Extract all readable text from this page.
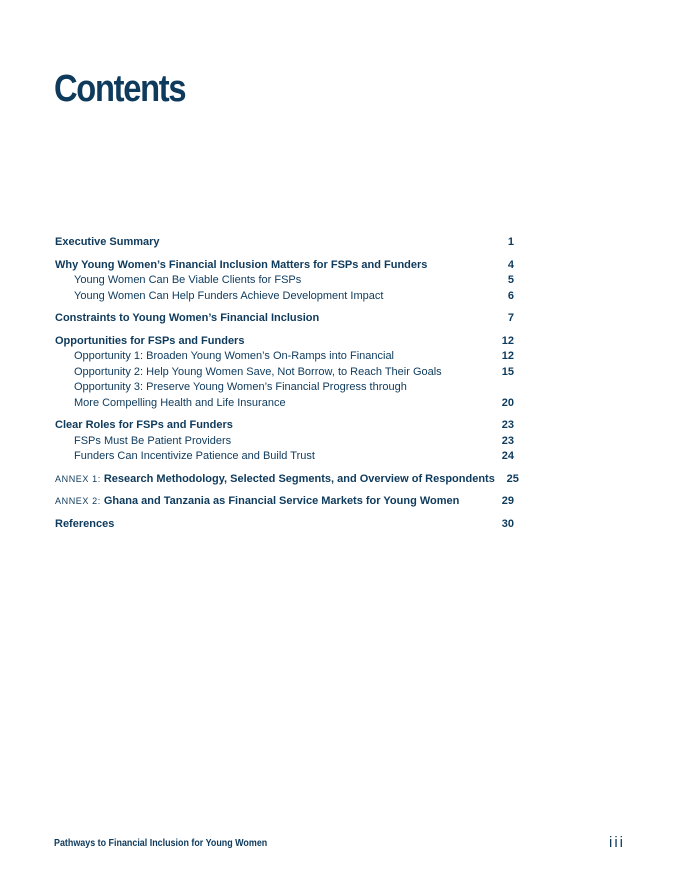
Contents
Executive Summary	1
Why Young Women’s Financial Inclusion Matters for FSPs and Funders	4
Young Women Can Be Viable Clients for FSPs	5
Young Women Can Help Funders Achieve Development Impact	6
Constraints to Young Women’s Financial Inclusion	7
Opportunities for FSPs and Funders	12
Opportunity 1: Broaden Young Women’s On-Ramps into Financial	12
Opportunity 2: Help Young Women Save, Not Borrow, to Reach Their Goals	15
Opportunity 3: Preserve Young Women’s Financial Progress through
More Compelling Health and Life Insurance	20
Clear Roles for FSPs and Funders	23
FSPs Must Be Patient Providers	23
Funders Can Incentivize Patience and Build Trust	24
ANNEX 1: Research Methodology, Selected Segments, and Overview of Respondents	25
ANNEX 2: Ghana and Tanzania as Financial Service Markets for Young Women	29
References	30
Pathways to Financial Inclusion for Young Women	iii
